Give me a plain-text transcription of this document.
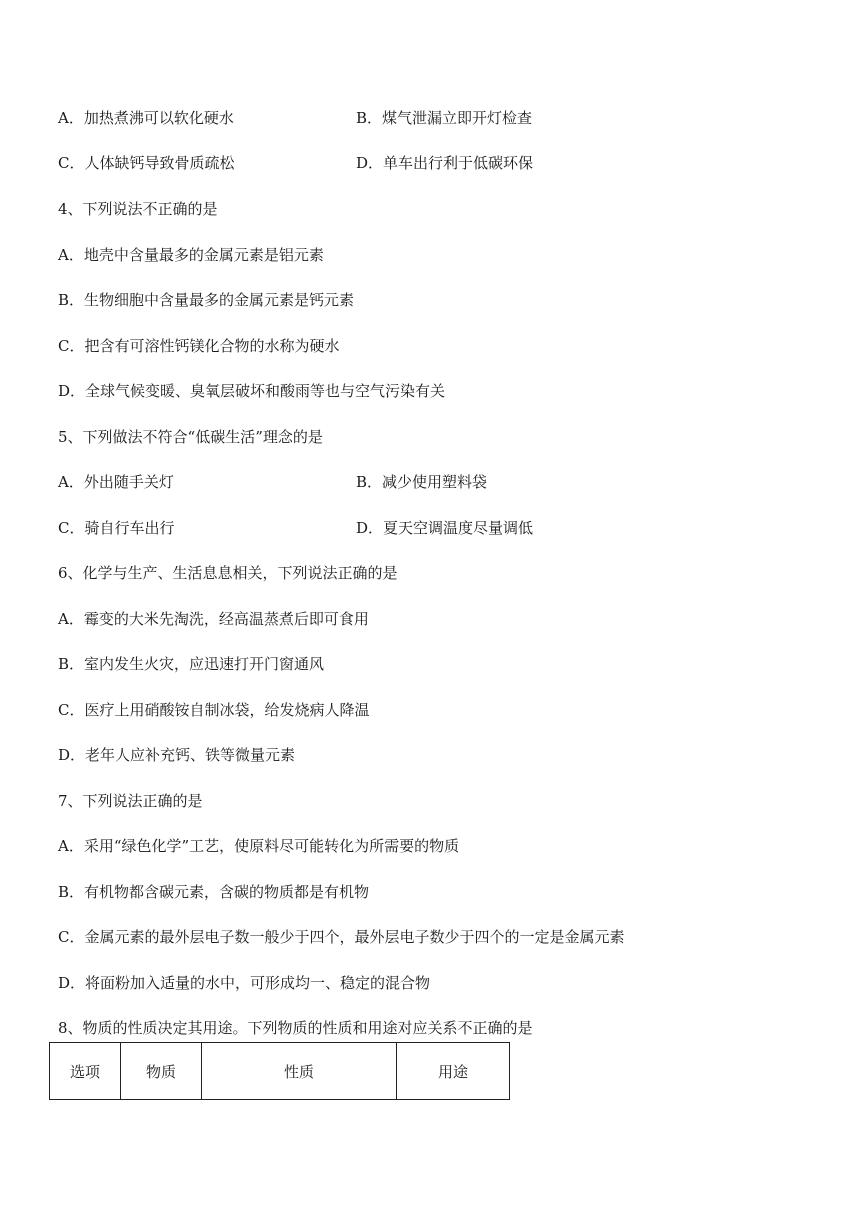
A．加热煮沸可以软化硬水	B．煤气泄漏立即开灯检查
C．人体缺钙导致骨质疏松	D．单车出行利于低碳环保
4、下列说法不正确的是
A．地壳中含量最多的金属元素是铝元素
B．生物细胞中含量最多的金属元素是钙元素
C．把含有可溶性钙镁化合物的水称为硬水
D．全球气候变暖、臭氧层破坏和酸雨等也与空气污染有关
5、下列做法不符合“低碳生活”理念的是
A．外出随手关灯	B．减少使用塑料袋
C．骑自行车出行	D．夏天空调温度尽量调低
6、化学与生产、生活息息相关，下列说法正确的是
A．霉变的大米先淘洗，经高温蒸煮后即可食用
B．室内发生火灾，应迅速打开门窗通风
C．医疗上用硝酸铵自制冰袋，给发烧病人降温
D．老年人应补充钙、铁等微量元素
7、下列说法正确的是
A．采用“绿色化学”工艺，使原料尽可能转化为所需要的物质
B．有机物都含碳元素，含碳的物质都是有机物
C．金属元素的最外层电子数一般少于四个，最外层电子数少于四个的一定是金属元素
D．将面粉加入适量的水中，可形成均一、稳定的混合物
8、物质的性质决定其用途。下列物质的性质和用途对应关系不正确的是
选项	物质	性质	用途
